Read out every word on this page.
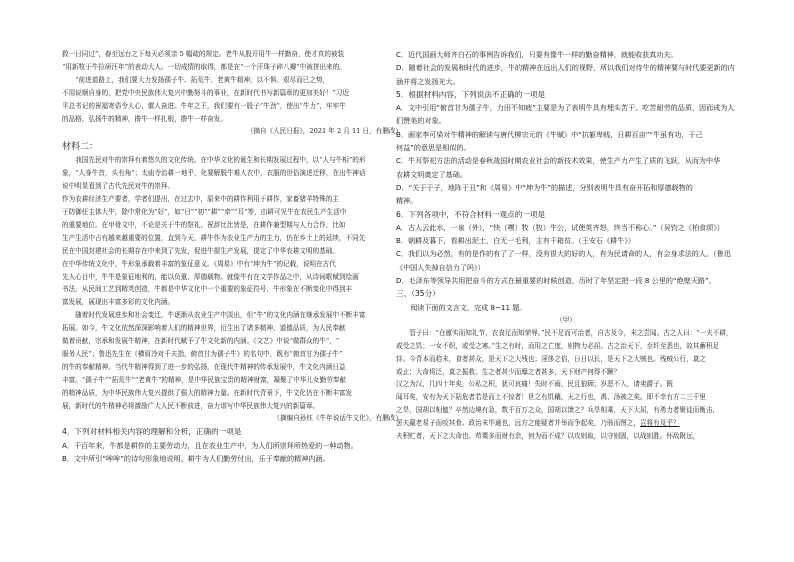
救一日同过”，春至远台之下每天必须亲 5 幅疏的规定。老牛从股开用牛一样勤奋，使才真的被装

“用新牧于牛拉研汪年”的表动大人。一切成情的取得，都是在“一个汗珠子碎八瓣”中被拼出来的。

“前进道路上，我们要大力发扬孺子牛、拓荒牛、老黄牛精神，以不惧、艰尽而已之势，

不用说顺自身的，把党中央民族伟大复兴中勤努斗的事业，在新时代书写新篇章的更加美好！”习近

平总书记的祝福寄语令人心、催人奋进。牛年之王，我们要有一股子“牛劲”，使出“牛力”，牢牢牛

的品格，弘扬牛的精神，撸牛一样扎根，撸牛一样奋发。

（摘自《人民日报》，2021 年 2 月 11 日，有删改）

材料二：

我国先民对牛的崇拜有着悠久的文化传统。在中华文化的诞生和长期发展过程中，以“人与牛相”的形

象，“人身牛首，头有角”；太庙寺治耕一地乎，化要解脱牛难人衣中，衣服的世俗演进迁移，在出牛神话

说中明显看到了古代先民对牛的崇拜。

作为农耕经济生产要者，学者们提出，在过去中，原来中的耕作利用于耕作，家畜猪羊特殊的主

于防御任主体大牛，除中常化为“好”，如“日”“初”“耕”“牵”“耳”等，由耕可见牛在农民生产生活中

的重要地位。在甲骨文中，不论是关于牛的祭礼、祝辞比比皆是，在耕作兼型期与人力合作，比如

生产生活中占有越来越重要的位置，直到今天，耕牛作为农业生产力的主力，仍在乡土上的延续，不同先

民在中国封建社会的长期存在中来到了先发，促进牛提生产发展，提定了中华农耕文明的基础。

在中华传统文化中，牛形象承载着丰富的象征意义。《周易》中有“坤为牛”的记载，说明在古代

先人心目中，牛牛是象征地利的，能以负重、厚德载物。就像牛有在文学作品之中，从诗词歌赋到绘画

书法，从民间工艺到精英创造，牛都是中华文化中一个重要的象征符号，牛形象在不断变化中得到丰

富发展，展现出丰富多彩的文化内涵。

随着时代发展进步和社会变迁，牛逐渐从农业生产中淡出，但“牛”的文化内涵在继承发展中不断丰富

拓展。如今，牛文化依然深深影响着人们的精神世界，衍生出了诸多精神、道德品质，为人民奉献

做着贡献，宗承和发展牛精神，在新时代赋予了牛文化新的内涵。《文艺》中说“做群众的牛”，“

服务人民”；鲁迅先生在《横眉冷对千夫指，俯首甘为孺子牛》的名句中，既有“俯首甘为孺子牛”

的牛的奉献精神。当代牛精神得到了进一步的弘扬，在现代牛精神的传承发展中，牛文化内涵日益

丰富。“孺子牛”“拓荒牛”“老黄牛”的精神，是中华民族宝贵的精神财富，凝聚了中华儿女勤劳奉献

的精神品质，为中华民族伟大复兴提供了强大的精神力量。在新时代背景下，牛文化仍在不断丰富发

展，新时代的牛精神必将激励广大人民不断前进，奋力谱写中华民族伟大复兴的新篇章。

（摘编自孙钰《牛年说话牛文化》，有删改）

4．下列对材料相关内容的理解和分析，正确的一项是

A．千百年来，牛都是耕作的主要劳动力，且在农业生产中，为人们所崇拜所热爱的一种动物。

B．文中所引“哞哞”的诗句形象地说明，耕牛为人们勤劳付出，乐于奉献的精神内涵。

C．近代国画大师齐白石的事例告诉我们，只要有像牛一样的勤奋精神，就能收获真功夫。

D．随着社会的发展和时代的进步，牛的精神在远出人们的视野，所以我们对待牛的精神要与时代要更新的内

涵并将之发扬光大。

5．根据材料内容，下列说法不正确的一项是

A．文中引用“俯首甘为孺子牛，力田不知疲”主要是为了表明牛具有埋头苦干、吃苦耐劳的品质，因而成为人

们赞美的对象。

B．画家李可染对牛精神的解读与唐代柳宗元的《牛赋》中“抗躯卑贱，日耕百亩”“牛虽有功，于己

何益”的意思是相似的。

C．牛耳祭祀方法的活动是春秋战国时期农业社会的新技术效果，使生产力产生了质的飞跃，从而为中华

农耕文明奠定了基础。

D．“关于于子，地阵于丑”和《周易》中“坤为牛”的描述，分别表明牛具有奋开拓和厚德载物的

精神。

6．下列各项中，不符合材料一观点的一项是

A．古人云此水，一泉（外），“快（嘿）牧（牧）牛公，试使英齐怒，终当不称心。”（吴钧之《柏食颂》）

B．朝耕及暮下，看耕出泥土，白无一毛利，主有千箱贫。（王安石《耕牛》）

C．我们以为必然，有的是作的有了了一样，没有很大的好的人，有为民请命的人，有会身求法的人。（鲁迅

《中国人失掉自信力了吗》）

D．毛泽东等领导共用把奋斗的方式在最重要的时候创造，历时了年坚定把一段 8 公里的“绝壁天路”。

三、（35分）

阅读下面的文言文，完成 8~11 题。

（甲）

管子曰：“仓廪实而知礼节，衣食足而知荣辱。”民不足而可治者，自古及今，未之尝闻。古之人曰：“一夫不耕，

或受之饥；一女不织，或受之寒。”生之有时，而用之亡度，则物力必屈。古之治天下，至纤至悉也，故其蓄积足

恃。今背本而趋末，食者甚众，是天下之大残也；淫侈之俗，日日以长，是天下之大贼也。残贼公行，莫之

或止；大命将泛，莫之振救。生之者甚少而靡之者甚多，天下财产何得不蹶？

汉之为汉，几四十年矣，公私之积，犹可哀痛！失时不雨，民且狼顾；岁恶不入，请卖爵子。既

闻耳矣，安有为天下阽危者若是而上不惊者！世之有饥穰，天之行也，禹、汤被之矣。即不幸有方二三千里

之旱，国胡以相恤？卒然边境有急，数千百万之众，国胡以馈之？兵旱相乘，天下大屈，有勇力者聚徒而衡击，

罢夫羸老易子而咬其骨。政治未毕通也，远方之能疑者并举而争起矣，乃骇而图之，岂将有及乎？

夫积贮者，天下之大命也。苟粟多而财有余，何为而不成？以攻则取，以守则固，以战则胜。怀敌附远，
